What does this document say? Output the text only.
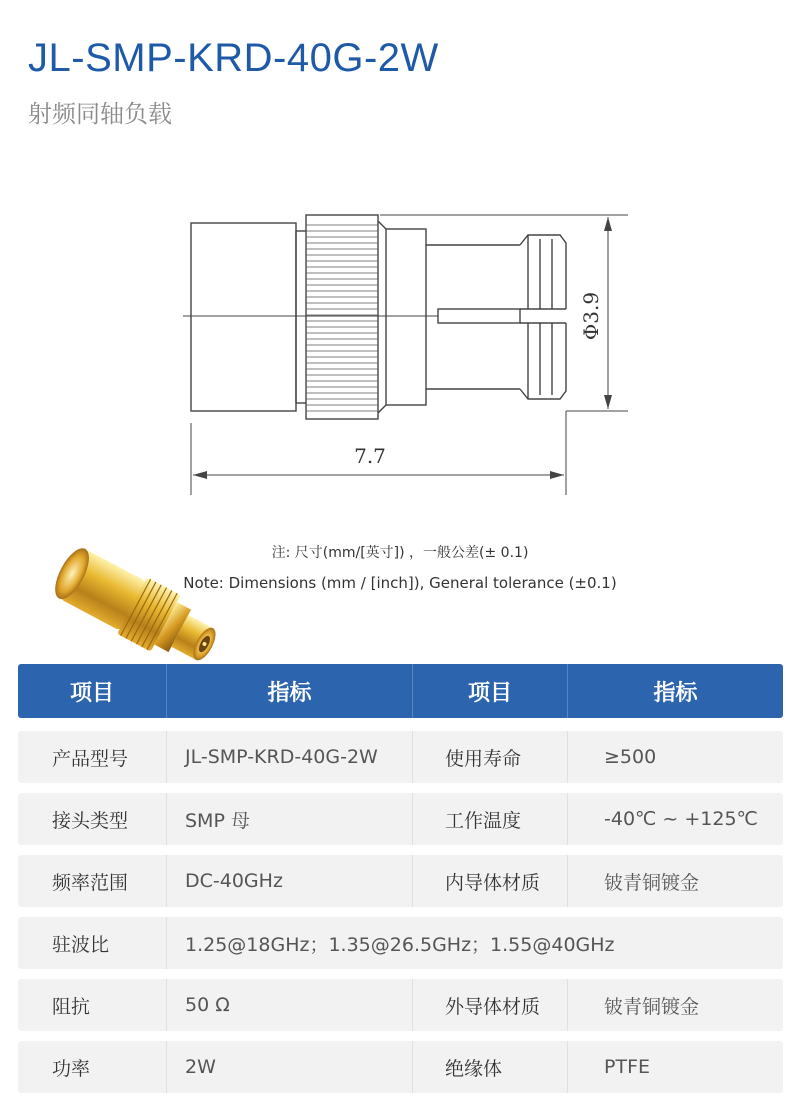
JL-SMP-KRD-40G-2W
射频同轴负载
Φ3.9
7.7
注: 尺寸(mm/[英寸]) ，一般公差(± 0.1)
Note: Dimensions (mm / [inch]), General tolerance (±0.1)
项目	指标	项目	指标
产品型号	JL-SMP-KRD-40G-2W	使用寿命	≥500
接头类型	SMP 母	工作温度	-40℃ ~ +125℃
频率范围	DC-40GHz	内导体材质	铍青铜镀金
驻波比	1.25@18GHz；1.35@26.5GHz；1.55@40GHz
阻抗	50 Ω	外导体材质	铍青铜镀金
功率	2W	绝缘体	PTFE
